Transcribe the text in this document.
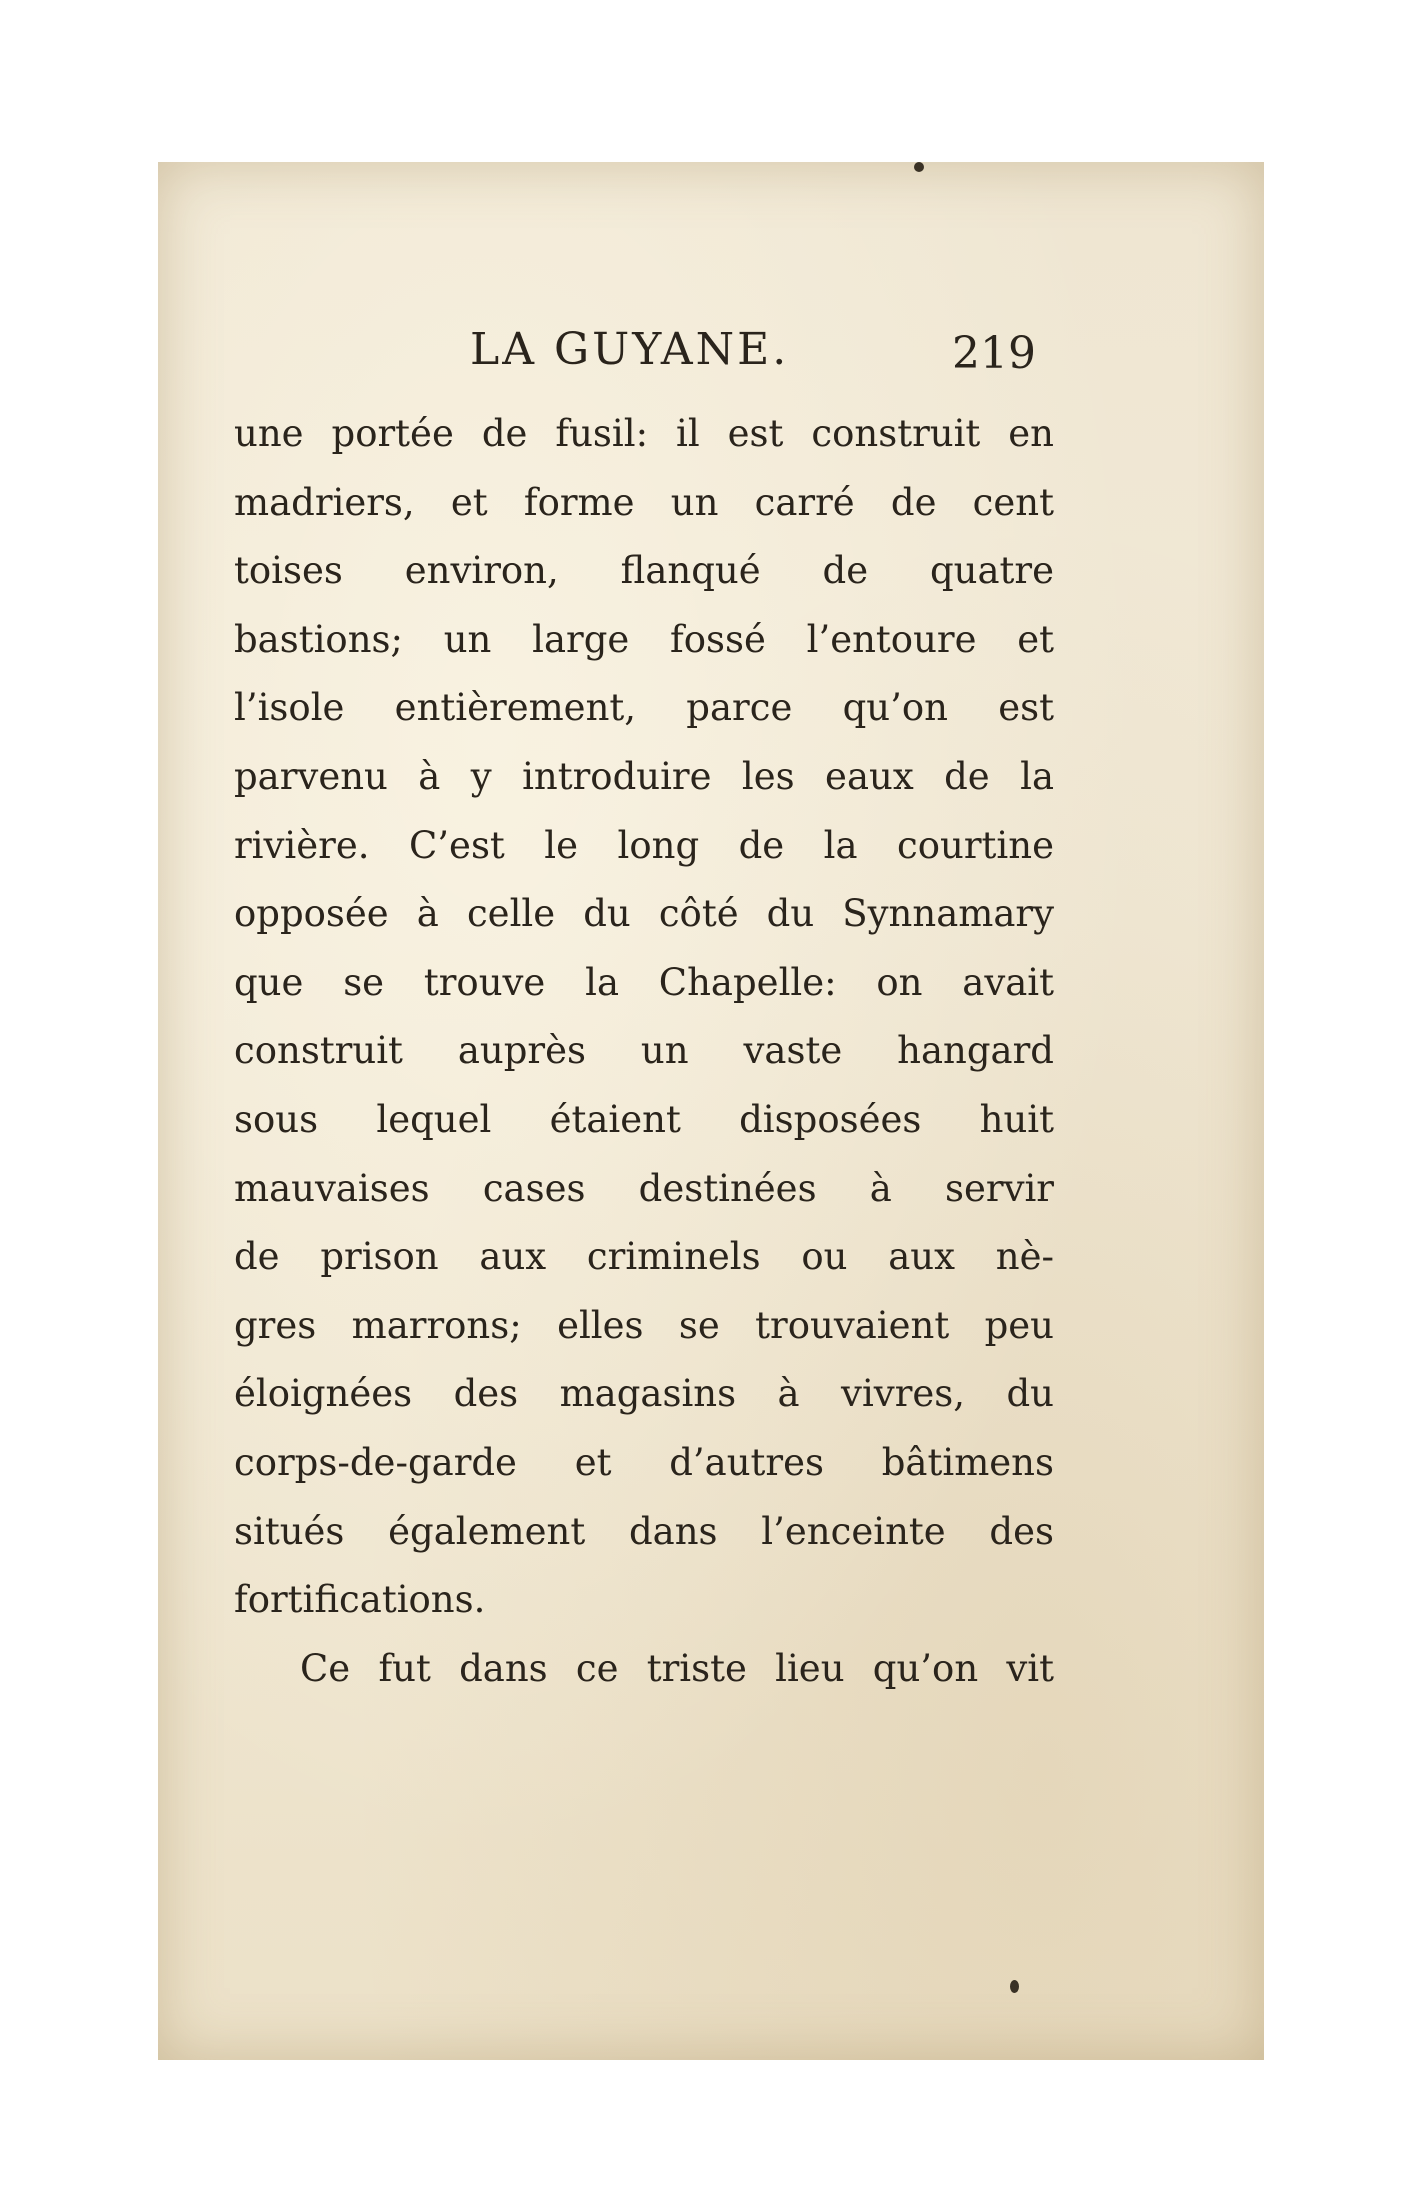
LA GUYANE.	219
une portée de fusil: il est construit en
madriers, et forme un carré de cent
toises environ, flanqué de quatre
bastions; un large fossé l’entoure et
l’isole entièrement, parce qu’on est
parvenu à y introduire les eaux de la
rivière. C’est le long de la courtine
opposée à celle du côté du Synnamary
que se trouve la Chapelle: on avait
construit auprès un vaste hangard
sous lequel étaient disposées huit
mauvaises cases destinées à servir
de prison aux criminels ou aux nè-
gres marrons; elles se trouvaient peu
éloignées des magasins à vivres, du
corps-de-garde et d’autres bâtimens
situés également dans l’enceinte des
fortifications.
Ce fut dans ce triste lieu qu’on vit
